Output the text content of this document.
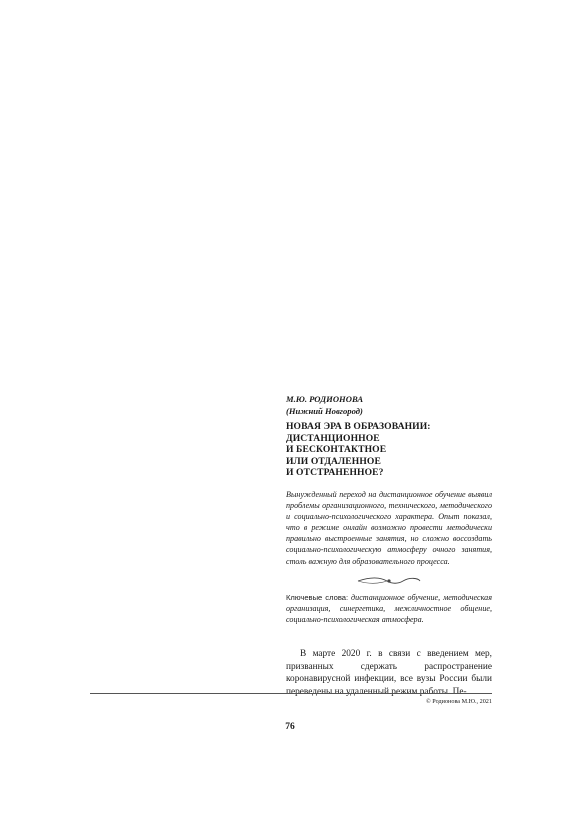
М.Ю. РОДИОНОВА
(Нижний Новгород)
НОВАЯ ЭРА В ОБРАЗОВАНИИ:
ДИСТАНЦИОННОЕ
И БЕСКОНТАКТНОЕ
ИЛИ ОТДАЛЕННОЕ
И ОТСТРАНЕННОЕ?
Вынужденный переход на дистанционное обучение выявил проблемы организационного, технического, методического и социально-психологического характера. Опыт показал, что в режиме онлайн возможно провести методически правильно выстроенные занятия, но сложно воссоздать социально-психологическую атмосферу очного занятия, столь важную для образовательного процесса.
Ключевые слова: дистанционное обучение, методическая организация, синергетика, межличностное общение, социально-психологическая атмосфера.
В марте 2020 г. в связи с введением мер, призванных сдержать распространение коронавирусной инфекции, все вузы России были переведены на удаленный режим работы. Пе-
© Родионова М.Ю., 2021
76
